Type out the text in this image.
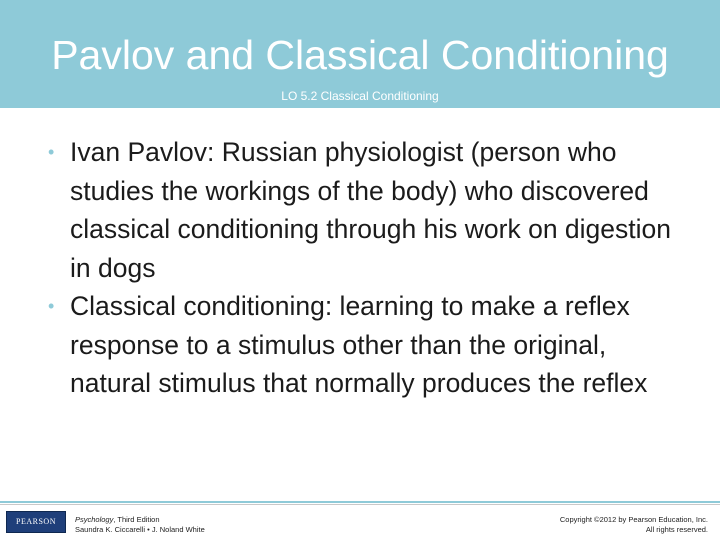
Pavlov and Classical Conditioning
LO 5.2 Classical Conditioning
• Ivan Pavlov: Russian physiologist (person who studies the workings of the body) who discovered classical conditioning through his work on digestion in dogs
• Classical conditioning: learning to make a reflex response to a stimulus other than the original, natural stimulus that normally produces the reflex
PEARSON	Psychology, Third Edition
Saundra K. Ciccarelli • J. Noland White
Copyright ©2012 by Pearson Education, Inc.
All rights reserved.
